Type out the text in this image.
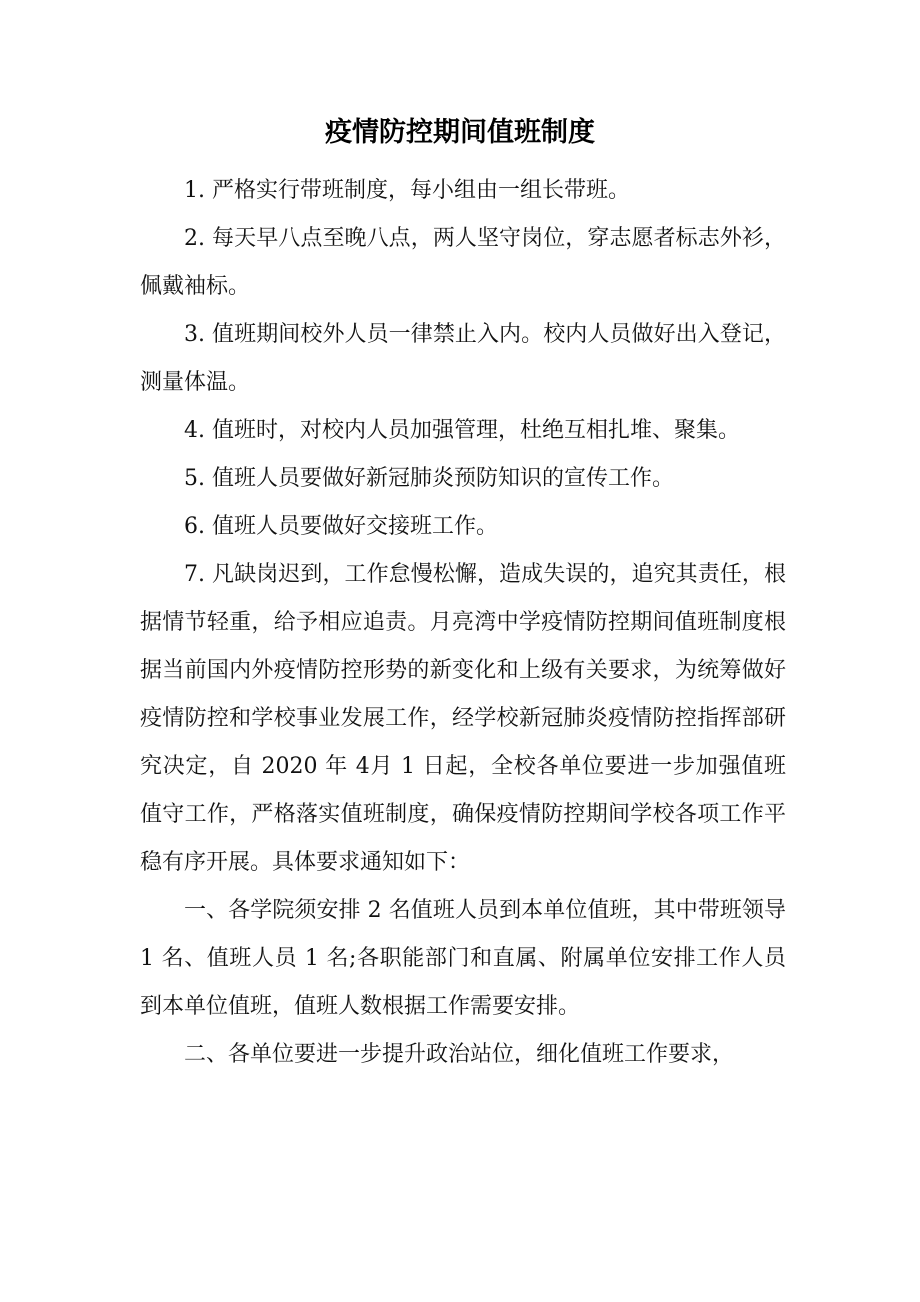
疫情防控期间值班制度

1. 严格实行带班制度，每小组由一组长带班。

2. 每天早八点至晚八点，两人坚守岗位，穿志愿者标志外衫，佩戴袖标。

3. 值班期间校外人员一律禁止入内。校内人员做好出入登记，测量体温。

4. 值班时，对校内人员加强管理，杜绝互相扎堆、聚集。

5. 值班人员要做好新冠肺炎预防知识的宣传工作。

6. 值班人员要做好交接班工作。

7. 凡缺岗迟到，工作怠慢松懈，造成失误的，追究其责任，根据情节轻重，给予相应追责。月亮湾中学疫情防控期间值班制度根据当前国内外疫情防控形势的新变化和上级有关要求，为统筹做好疫情防控和学校事业发展工作，经学校新冠肺炎疫情防控指挥部研究决定，自 2020 年 4月 1 日起，全校各单位要进一步加强值班值守工作，严格落实值班制度，确保疫情防控期间学校各项工作平稳有序开展。具体要求通知如下：

一、各学院须安排 2 名值班人员到本单位值班，其中带班领导 1 名、值班人员 1 名;各职能部门和直属、附属单位安排工作人员到本单位值班，值班人数根据工作需要安排。

二、各单位要进一步提升政治站位，细化值班工作要求，
